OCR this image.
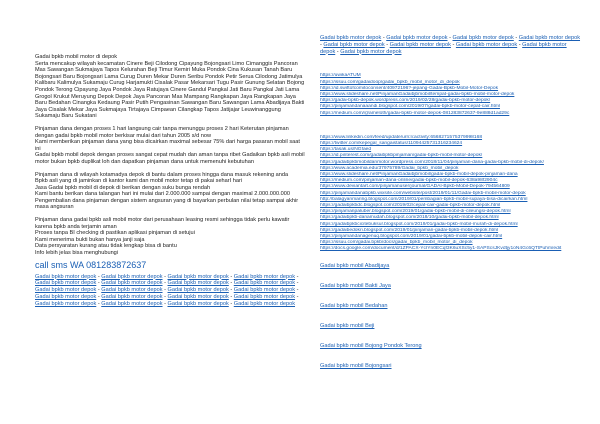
Gadai bpkb mobil motor di depok

Serta mencakup wilayah kecamatan Cinere Beji Cilodong Cipayung Bojongsari Limo Cimanggis Pancoran Mas Sawangan Sukmajaya Tapos Kelurahan Beji Timur Kemiri Muka Pondok Cina Kukusan Tanah Baru Bojongsari Baru Bojongsari Lama Curug Duren Mekar Duren Seribu Pondok Petir Serua Cilodong Jatimulya Kalibaru Kalimulya Sukamaju Curug Harjamukti Cisalak Pasar Mekarsari Tugu Pasir Gunung Selatan Bojong Pondok Terong Cipayung Jaya Pondok Jaya Ratujaya Cinere Gandul Pangkal Jati Baru Pangkal Jati Lama Grogol Krukut Meruyung Depok Depok Jaya Pancoran Mas Mampang Rangkapan Jaya Rangkapan Jaya Baru Bedahan Cinangka Kedaung Pasir Putih Pengasinan Sawangan Baru Sawangan Lama Abadijaya Bakti Jaya Cisalak Mekar Jaya Sukmajaya Tirtajaya Cimpaean Cilangkap Tapos Jatijajar Leuwinanggung Sukamaju Baru Sukatani

Pinjaman dana dengan proses 1 hari langsung cair tanpa menunggu proses 2 hari Keterutan pinjaman dengan gadai bpkb mobil motor berkisar mulai dari tahun 2005 s/d now

Kami memberikan pinjaman dana yang bisa dicairkan maximal sebesar 75% dari harga pasaran mobil saat ini

Gadai bpkb mobil depok dengan proses sangat cepat mudah dan aman tanpa ribet Gadaikan bpkb asli mobil motor bukan bpkb duplikat loh dan dapatkan pinjaman dana untuk memenuhi kebutuhan

Pinjaman dana di wilayah kotamadya depok di bantu dalam proses hingga dana masuk rekening anda

Bpkb asli yang di jaminkan di kantor kami dan mobil motor tetap di pakai seharI hari

Jasa Gadai bpkb mobil di depok di berikan dengan suku bunga rendah

Kami bantu berikan dana talangan hari ini mulai dari 2.000.000 sampai dengan maximal 2.000.000.000

Pengembalian dana pinjaman dengan sistem angsuran yang di bayarkan perbulan nilai tetap sampai akhir masa angsuran

Pinjaman dana gadai bpkb asli mobil motor dari perusahaan leasing resmi sehingga tidak perlu kawatir karena bpkb anda terjamin aman

Proses tanpa BI checking di pastikan aplikasi pinjaman di setujui

Kami menerima bukti bukan hanya janji saja

Data persyaratan kurang atau tidak lengkap bisa di bantu

Info lebih jelas bisa menghubungi

call sms WA 081283872637

Gadai bpkb motor depok - Gadai bpkb motor depok - Gadai bpkb motor depok - Gadai bpkb motor depok - Gadai bpkb motor depok - Gadai bpkb motor depok - Gadai bpkb motor depok - Gadai bpkb motor depok - Gadai bpkb motor depok - Gadai bpkb motor depok - Gadai bpkb motor depok - Gadai bpkb motor depok - Gadai bpkb motor depok - Gadai bpkb motor depok - Gadai bpkb motor depok - Gadai bpkb motor depok - Gadai bpkb motor depok - Gadai bpkb motor depok - Gadai bpkb motor depok - Gadai bpkb motor depok
Gadai bpkb motor depok - Gadai bpkb motor depok - Gadai bpkb motor depok - Gadai bpkb motor depok - Gadai bpkb motor depok - Gadai bpkb motor depok - Gadai bpkb motor depok - Gadai bpkb motor depok - Gadai bpkb motor depok
https://uwikaATUM
https://issuu.com/gadaidoop/gadai_bpkb_mobil_motor_di_depok
https://id.swiftofcomitoconsent/40972196?-jepang-Gadai-Bpkb-Mobil-Motor-Depok
https://www.slideshare.net/PinjamanGadaibjbmobil/tempat-gadai-bpkb-mobil-motor-depok
https://gadai-bpkb-depok.wordpress.com/2019/02/28/gadai-bpkb-motor-depok/
https://pinjamandanaaandi.blogspot.com/2019/07/gadai-bpkb-motor-cepat-cair.html
https://medium.com/@ameloth/gadai-bpkb-motor-depok-081283872637-9e888d1ad29c
https://www.linkedin.com/feed/update/urn:li:activity:6568271575379998168
https://twitter.com/kepegal_sangaistatus/11094425731316234624
https://tasak.us/NGfaed
https://id.pinterest.com/gadaibpkbpinjaman/gadai-bpkb-mobil-motor-depok/
https://gadaibpkbmobildanmotor.wordpress.com/2018/11/04/pinjaman-dana-gadai-bpkb-mobil-di-depok/
https://www.academia.edu/37975789/Gadai_bpkb_mobil_depok
https://www.slideshare.net/PinjamanGadaibjbmobil/gadai-bpkb-mobil-depok-pinjaman-dana
https://medium.com/pinjaman-dana-online/gadai-bpkb-mobil-depok-638a98f2904c
https://www.deviantart.com/pinjamanuser/journal/GADAI-Bpkb-Mobil-Depok-794564809
https://pinjamandanabpkb.wixsite.com/website/post/2019/01/11/Gadai-bpkb-mobil-motor-depok
http://balagyanmaring.blogspot.com/2019/01/pembagian-bpkb-mobil-supaya-bisa-dicairkan.html
https://gadaibpkbdc.blogspot.com/2019/02/cepat-cair-gadai-bpkb-motor-depok.html
https://pinjamanpaluber.blogspot.com/2019/01/gadai-bpkb-mobil-di-cileungsi-depok.html
https://gadaibpkb-danamudah.blogspot.com/2018/10/gadai-bpkb-mobil-depok.html
https://gadaibpkbcicitebuksur.blogspot.com/2019/01/gadai-bpkb-mobil-murah-di-depok.html
https://gadaibedokri.blogspot.com/2019/01/pinjaman-gadai-bpkb-mobil-depok.html
https://pinjamandanagenuq.blogspot.com/2019/01/gadai-bpkb-mobil-depok-cair.html
https://issuu.com/gadai.bpkb/docs/gadai_bpkb_mobil_motor_di_depok
https://docs.google.com/document/d/1ZPACX-YcIYn0ECqf3K6uXSc5y1-SAPScsJKvdtjy1oN4Gc6QTtPuhm/edit
Gadai bpkb mobil Abadijaya
Gadai bpkb mobil Bakti Jaya
Gadai bpkb mobil Bedahan
Gadai bpkb mobil Beji
Gadai bpkb mobil Bojong Pondok Terong
Gadai bpkb mobil Bojongsari
